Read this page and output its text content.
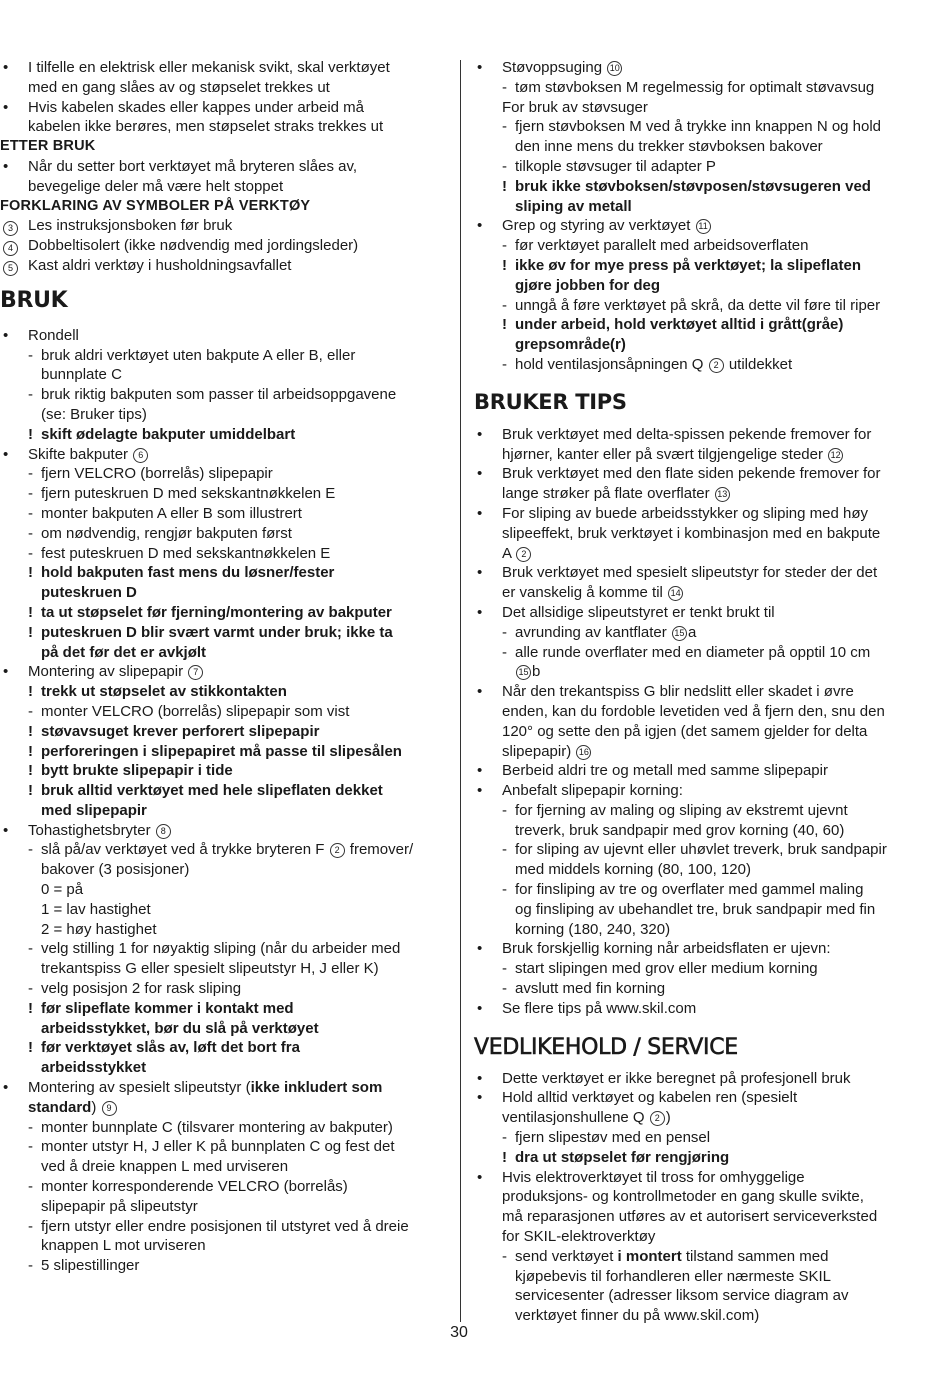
• I tilfelle en elektrisk eller mekanisk svikt, skal verktøyet
med en gang slåes av og støpselet trekkes ut
• Hvis kabelen skades eller kappes under arbeid må
kabelen ikke berøres, men støpselet straks trekkes ut
ETTER BRUK
• Når du setter bort verktøyet må bryteren slåes av,
bevegelige deler må være helt stoppet
FORKLARING AV SYMBOLER PÅ VERKTØY
3	Les instruksjonsboken før bruk
4	Dobbeltisolert (ikke nødvendig med jordingsleder)
5	Kast aldri verktøy i husholdningsavfallet
BRUK
• Rondell
- bruk aldri verktøyet uten bakpute A eller B, eller
bunnplate C
- bruk riktig bakputen som passer til arbeidsoppgavene
(se: Bruker tips)
! skift ødelagte bakputer umiddelbart
• Skifte bakputer 6
- fjern VELCRO (borrelås) slipepapir
- fjern puteskruen D med sekskantnøkkelen E
- monter bakputen A eller B som illustrert
- om nødvendig, rengjør bakputen først
- fest puteskruen D med sekskantnøkkelen E
! hold bakputen fast mens du løsner/fester
puteskruen D
! ta ut støpselet før fjerning/montering av bakputer
! puteskruen D blir svært varmt under bruk; ikke ta
på det før det er avkjølt
• Montering av slipepapir 7
! trekk ut støpselet av stikkontakten
- monter VELCRO (borrelås) slipepapir som vist
! støvavsuget krever perforert slipepapir
! perforeringen i slipepapiret må passe til slipesålen
! bytt brukte slipepapir i tide
! bruk alltid verktøyet med hele slipeflaten dekket
med slipepapir
• Tohastighetsbryter 8
- slå på/av verktøyet ved å trykke bryteren F 2 fremover/
bakover (3 posisjoner)
0 = på
1 = lav hastighet
2 = høy hastighet
- velg stilling 1 for nøyaktig sliping (når du arbeider med
trekantspiss G eller spesielt slipeutstyr H, J eller K)
- velg posisjon 2 for rask sliping
! før slipeflate kommer i kontakt med
arbeidsstykket, bør du slå på verktøyet
! før verktøyet slås av, løft det bort fra
arbeidsstykket
• Montering av spesielt slipeutstyr (ikke inkludert som
standard) 9
- monter bunnplate C (tilsvarer montering av bakputer)
- monter utstyr H, J eller K på bunnplaten C og fest det
ved å dreie knappen L med urviseren
- monter korresponderende VELCRO (borrelås)
slipepapir på slipeutstyr
- fjern utstyr eller endre posisjonen til utstyret ved å dreie
knappen L mot urviseren
- 5 slipestillinger
• Støvoppsuging 10
- tøm støvboksen M regelmessig for optimalt støvavsug
For bruk av støvsuger
- fjern støvboksen M ved å trykke inn knappen N og hold
den inne mens du trekker støvboksen bakover
- tilkople støvsuger til adapter P
! bruk ikke støvboksen/støvposen/støvsugeren ved
sliping av metall
• Grep og styring av verktøyet 11
- før verktøyet parallelt med arbeidsoverflaten
! ikke øv for mye press på verktøyet; la slipeflaten
gjøre jobben for deg
- unngå å føre verktøyet på skrå, da dette vil føre til riper
! under arbeid, hold verktøyet alltid i grått(gråe)
grepsområde(r)
- hold ventilasjonsåpningen Q 2 utildekket
BRUKER TIPS
• Bruk verktøyet med delta-spissen pekende fremover for
hjørner, kanter eller på svært tilgjengelige steder 12
• Bruk verktøyet med den flate siden pekende fremover for
lange strøker på flate overflater 13
• For sliping av buede arbeidsstykker og sliping med høy
slipeeffekt, bruk verktøyet i kombinasjon med en bakpute
A 2
• Bruk verktøyet med spesielt slipeutstyr for steder der det
er vanskelig å komme til 14
• Det allsidige slipeutstyret er tenkt brukt til
- avrunding av kantflater 15 a
- alle runde overflater med en diameter på opptil 10 cm
15 b
• Når den trekantspiss G blir nedslitt eller skadet i øvre
enden, kan du fordoble levetiden ved å fjern den, snu den
120° og sette den på igjen (det samem gjelder for delta
slipepapir) 16
• Berbeid aldri tre og metall med samme slipepapir
• Anbefalt slipepapir korning:
- for fjerning av maling og sliping av ekstremt ujevnt
treverk, bruk sandpapir med grov korning (40, 60)
- for sliping av ujevnt eller uhøvlet treverk, bruk sandpapir
med middels korning (80, 100, 120)
- for finsliping av tre og overflater med gammel maling
og finsliping av ubehandlet tre, bruk sandpapir med fin
korning (180, 240, 320)
• Bruk forskjellig korning når arbeidsflaten er ujevn:
- start slipingen med grov eller medium korning
- avslutt med fin korning
• Se flere tips på www.skil.com
VEDLIKEHOLD / SERVICE
• Dette verktøyet er ikke beregnet på profesjonell bruk
• Hold alltid verktøyet og kabelen ren (spesielt
ventilasjonshullene Q 2 )
- fjern slipestøv med en pensel
! dra ut støpselet før rengjøring
• Hvis elektroverktøyet til tross for omhyggelige
produksjons- og kontrollmetoder en gang skulle svikte,
må reparasjonen utføres av et autorisert serviceverksted
for SKIL-elektroverktøy
- send verktøyet i montert tilstand sammen med
kjøpebevis til forhandleren eller nærmeste SKIL
servicesenter (adresser liksom service diagram av
verktøyet finner du på www.skil.com)
30
